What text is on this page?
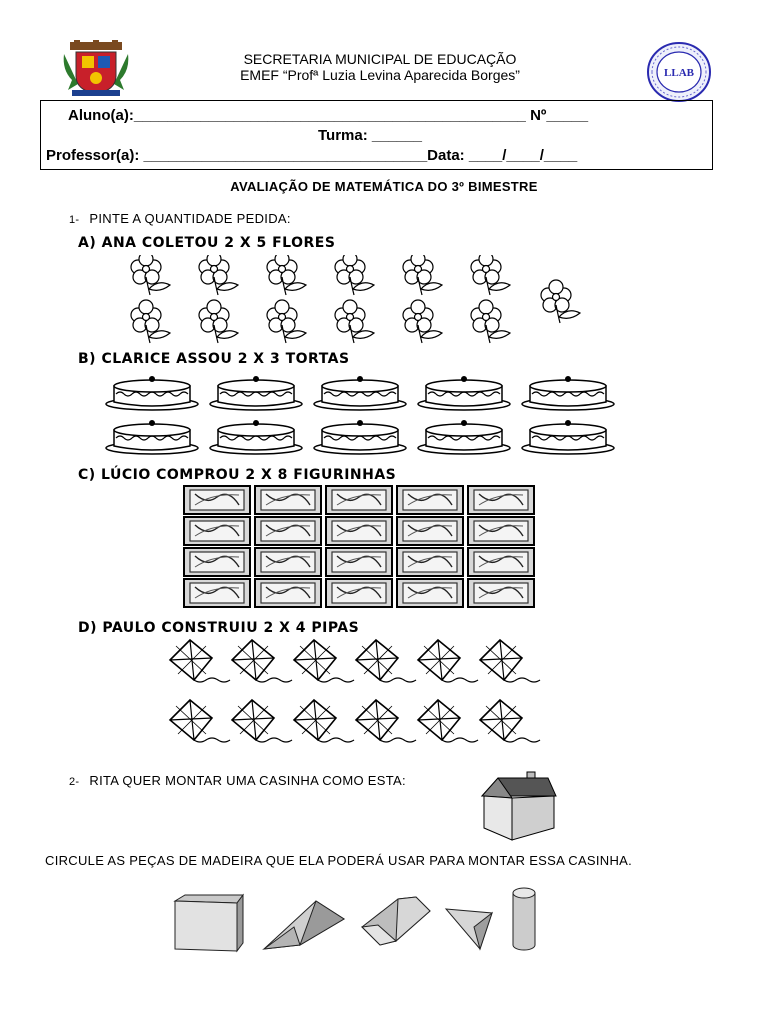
SECRETARIA MUNICIPAL DE EDUCAÇÃO
EMEF “Profª Luzia Levina Aparecida Borges”	LLAB
Aluno(a):_______________________________________________ Nº_____
Turma: ______
Professor(a): __________________________________Data: ____/____/____
AVALIAÇÃO DE MATEMÁTICA DO 3º BIMESTRE
1- PINTE A QUANTIDADE PEDIDA:
A) ANA COLETOU 2 X 5 FLORES
B) CLARICE ASSOU 2 X 3 TORTAS
C) LÚCIO COMPROU 2 X 8 FIGURINHAS
D) PAULO CONSTRUIU 2 X 4 PIPAS
2- RITA QUER MONTAR UMA CASINHA COMO ESTA:
CIRCULE AS PEÇAS DE MADEIRA QUE ELA PODERÁ USAR PARA MONTAR ESSA CASINHA.
